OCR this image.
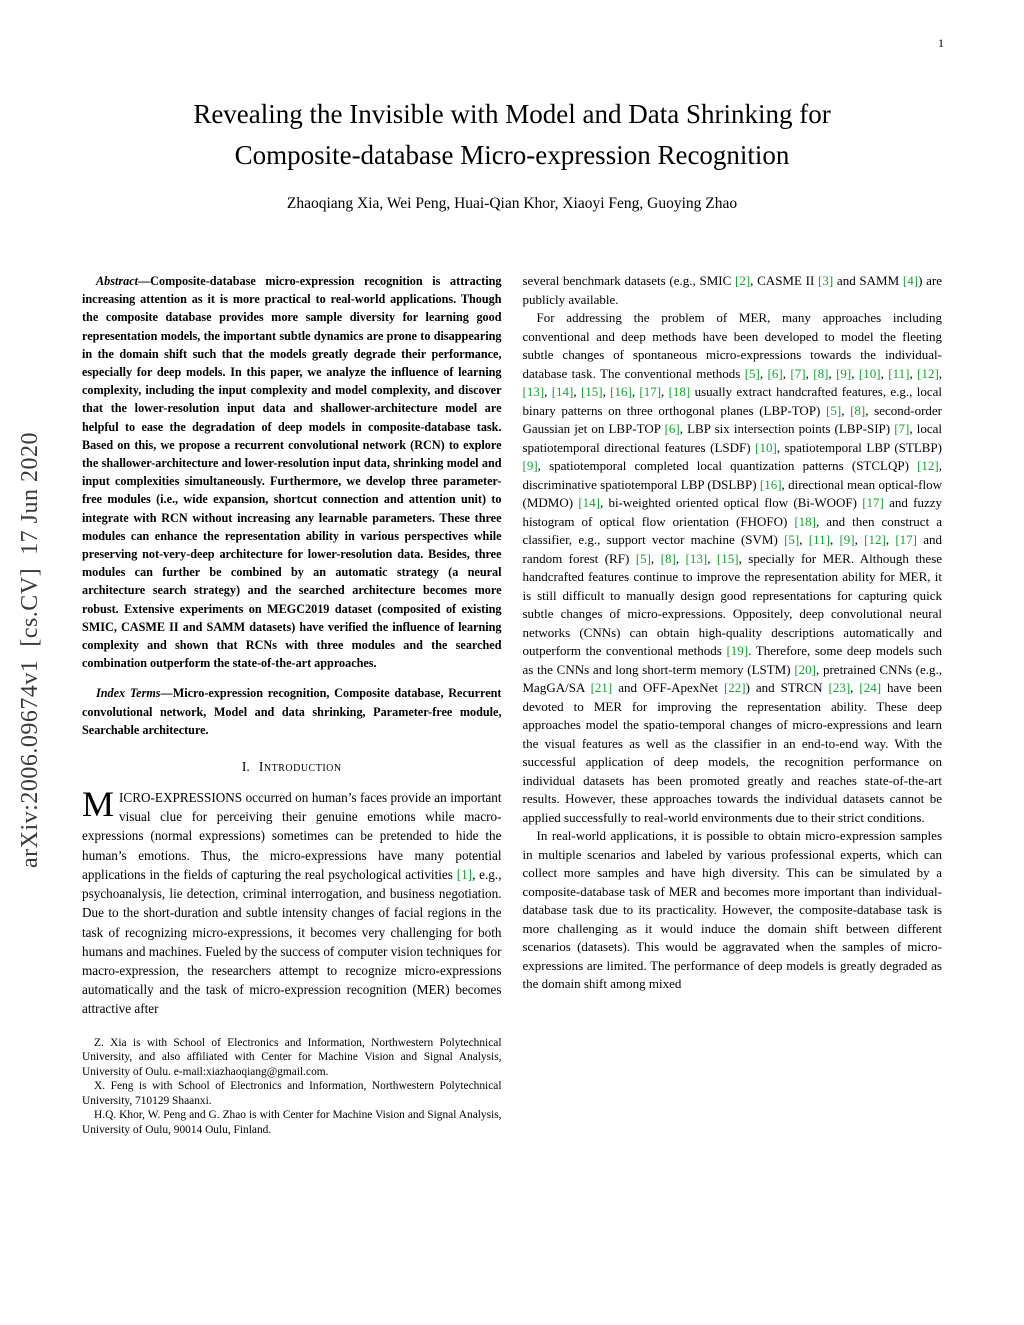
1
arXiv:2006.09674v1  [cs.CV]  17 Jun 2020
Revealing the Invisible with Model and Data Shrinking for
Composite-database Micro-expression Recognition
Zhaoqiang Xia, Wei Peng, Huai-Qian Khor, Xiaoyi Feng, Guoying Zhao

Abstract—Composite-database micro-expression recognition is attracting increasing attention as it is more practical to real-world applications. Though the composite database provides more sample diversity for learning good representation models, the important subtle dynamics are prone to disappearing in the domain shift such that the models greatly degrade their performance, especially for deep models. In this paper, we analyze the influence of learning complexity, including the input complexity and model complexity, and discover that the lower-resolution input data and shallower-architecture model are helpful to ease the degradation of deep models in composite-database task. Based on this, we propose a recurrent convolutional network (RCN) to explore the shallower-architecture and lower-resolution input data, shrinking model and input complexities simultaneously. Furthermore, we develop three parameter-free modules (i.e., wide expansion, shortcut connection and attention unit) to integrate with RCN without increasing any learnable parameters. These three modules can enhance the representation ability in various perspectives while preserving not-very-deep architecture for lower-resolution data. Besides, three modules can further be combined by an automatic strategy (a neural architecture search strategy) and the searched architecture becomes more robust. Extensive experiments on MEGC2019 dataset (composited of existing SMIC, CASME II and SAMM datasets) have verified the influence of learning complexity and shown that RCNs with three modules and the searched combination outperform the state-of-the-art approaches.

Index Terms—Micro-expression recognition, Composite database, Recurrent convolutional network, Model and data shrinking, Parameter-free module, Searchable architecture.

I. Introduction

MICRO-EXPRESSIONS occurred on human’s faces provide an important visual clue for perceiving their genuine emotions while macro-expressions (normal expressions) sometimes can be pretended to hide the human’s emotions. Thus, the micro-expressions have many potential applications in the fields of capturing the real psychological activities [1], e.g., psychoanalysis, lie detection, criminal interrogation, and business negotiation. Due to the short-duration and subtle intensity changes of facial regions in the task of recognizing micro-expressions, it becomes very challenging for both humans and machines. Fueled by the success of computer vision techniques for macro-expression, the researchers attempt to recognize micro-expressions automatically and the task of micro-expression recognition (MER) becomes attractive after

Z. Xia is with School of Electronics and Information, Northwestern Polytechnical University, and also affiliated with Center for Machine Vision and Signal Analysis, University of Oulu. e-mail:xiazhaoqiang@gmail.com.

X. Feng is with School of Electronics and Information, Northwestern Polytechnical University, 710129 Shaanxi.

H.Q. Khor, W. Peng and G. Zhao is with Center for Machine Vision and Signal Analysis, University of Oulu, 90014 Oulu, Finland.

several benchmark datasets (e.g., SMIC [2], CASME II [3] and SAMM [4]) are publicly available.

For addressing the problem of MER, many approaches including conventional and deep methods have been developed to model the fleeting subtle changes of spontaneous micro-expressions towards the individual-database task. The conventional methods [5], [6], [7], [8], [9], [10], [11], [12], [13], [14], [15], [16], [17], [18] usually extract handcrafted features, e.g., local binary patterns on three orthogonal planes (LBP-TOP) [5], [8], second-order Gaussian jet on LBP-TOP [6], LBP six intersection points (LBP-SIP) [7], local spatiotemporal directional features (LSDF) [10], spatiotemporal LBP (STLBP) [9], spatiotemporal completed local quantization patterns (STCLQP) [12], discriminative spatiotemporal LBP (DSLBP) [16], directional mean optical-flow (MDMO) [14], bi-weighted oriented optical flow (Bi-WOOF) [17] and fuzzy histogram of optical flow orientation (FHOFO) [18], and then construct a classifier, e.g., support vector machine (SVM) [5], [11], [9], [12], [17] and random forest (RF) [5], [8], [13], [15], specially for MER. Although these handcrafted features continue to improve the representation ability for MER, it is still difficult to manually design good representations for capturing quick subtle changes of micro-expressions. Oppositely, deep convolutional neural networks (CNNs) can obtain high-quality descriptions automatically and outperform the conventional methods [19]. Therefore, some deep models such as the CNNs and long short-term memory (LSTM) [20], pretrained CNNs (e.g., MagGA/SA [21] and OFF-ApexNet [22]) and STRCN [23], [24] have been devoted to MER for improving the representation ability. These deep approaches model the spatio-temporal changes of micro-expressions and learn the visual features as well as the classifier in an end-to-end way. With the successful application of deep models, the recognition performance on individual datasets has been promoted greatly and reaches state-of-the-art results. However, these approaches towards the individual datasets cannot be applied successfully to real-world environments due to their strict conditions.

In real-world applications, it is possible to obtain micro-expression samples in multiple scenarios and labeled by various professional experts, which can collect more samples and have high diversity. This can be simulated by a composite-database task of MER and becomes more important than individual-database task due to its practicality. However, the composite-database task is more challenging as it would induce the domain shift between different scenarios (datasets). This would be aggravated when the samples of micro-expressions are limited. The performance of deep models is greatly degraded as the domain shift among mixed
